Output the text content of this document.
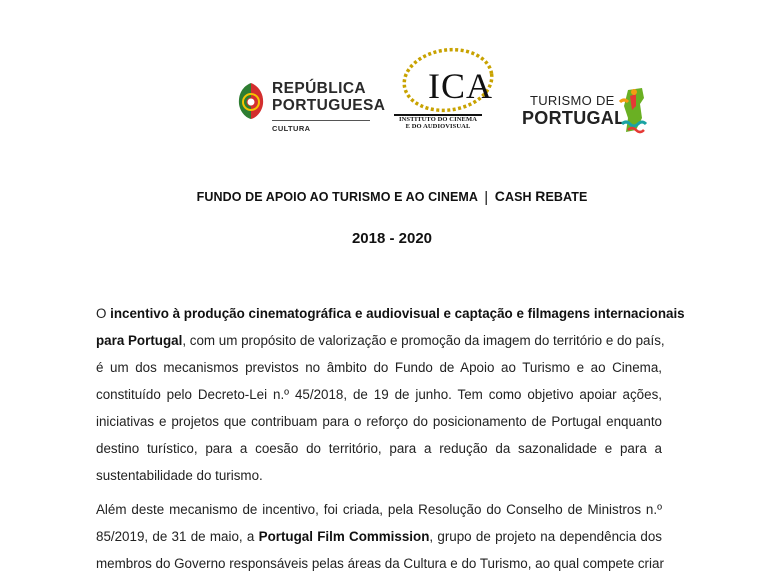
REPÚBLICA
PORTUGUESA
CULTURA
ICA
INSTITUTO DO CINEMA
E DO AUDIOVISUAL
TURISMO DE
PORTUGAL
FUNDO DE APOIO AO TURISMO E AO CINEMA | CASH REBATE
2018 - 2020
O incentivo à produção cinematográfica e audiovisual e captação e filmagens internacionais
para Portugal, com um propósito de valorização e promoção da imagem do território e do país,
é um dos mecanismos previstos no âmbito do Fundo de Apoio ao Turismo e ao Cinema,
constituído pelo Decreto-Lei n.º 45/2018, de 19 de junho. Tem como objetivo apoiar ações,
iniciativas e projetos que contribuam para o reforço do posicionamento de Portugal enquanto
destino turístico, para a coesão do território, para a redução da sazonalidade e para a
sustentabilidade do turismo.
Além deste mecanismo de incentivo, foi criada, pela Resolução do Conselho de Ministros n.º
85/2019, de 31 de maio, a Portugal Film Commission, grupo de projeto na dependência dos
membros do Governo responsáveis pelas áreas da Cultura e do Turismo, ao qual compete criar
